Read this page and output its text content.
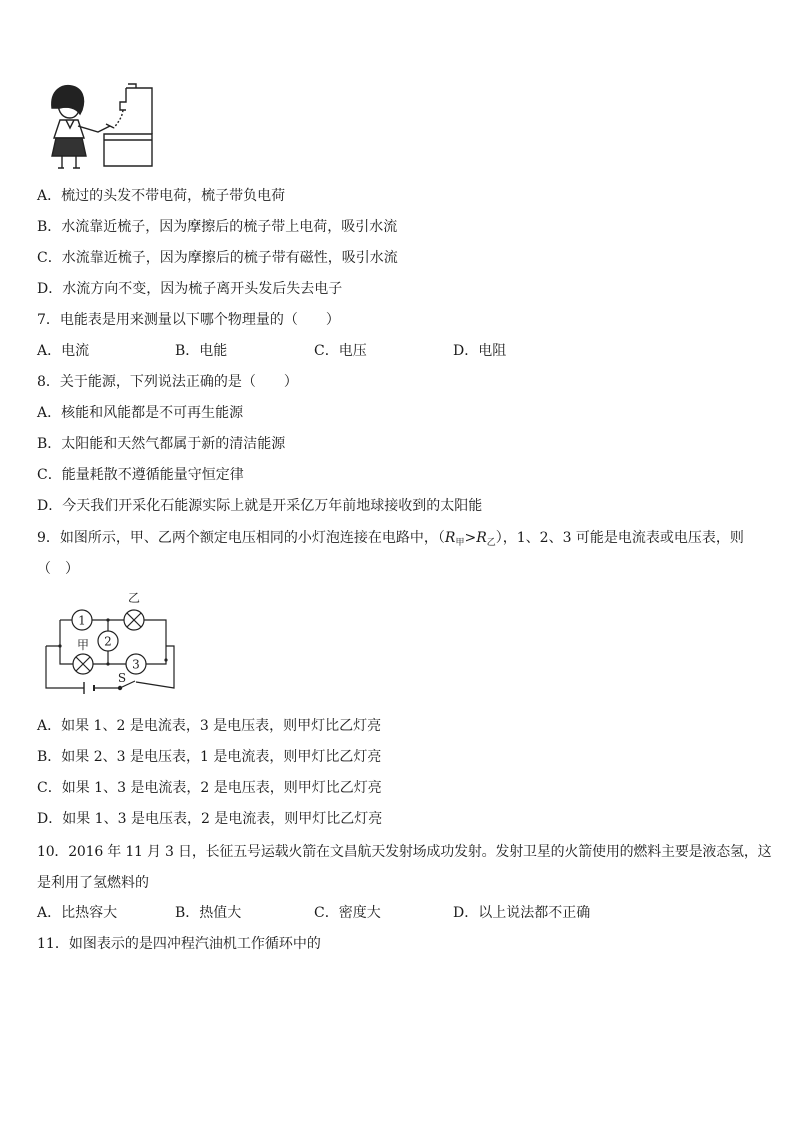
A．梳过的头发不带电荷，梳子带负电荷
B．水流靠近梳子，因为摩擦后的梳子带上电荷，吸引水流
C．水流靠近梳子，因为摩擦后的梳子带有磁性，吸引水流
D．水流方向不变，因为梳子离开头发后失去电子
7．电能表是用来测量以下哪个物理量的（　　）
A．电流	B．电能	C．电压	D．电阻
8．关于能源，下列说法正确的是（　　）
A．核能和风能都是不可再生能源
B．太阳能和天然气都属于新的清洁能源
C．能量耗散不遵循能量守恒定律
D．今天我们开采化石能源实际上就是开采亿万年前地球接收到的太阳能
9．如图所示，甲、乙两个额定电压相同的小灯泡连接在电路中，$(R_甲>R_乙)$，1、2、3 可能是电流表或电压表，则
（　）
1
乙
2
甲
3
S
A．如果 1、2 是电流表，3 是电压表，则甲灯比乙灯亮
B．如果 2、3 是电压表，1 是电流表，则甲灯比乙灯亮
C．如果 1、3 是电流表，2 是电压表，则甲灯比乙灯亮
D．如果 1、3 是电压表，2 是电流表，则甲灯比乙灯亮
10．2016 年 11 月 3 日，长征五号运载火箭在文昌航天发射场成功发射。发射卫星的火箭使用的燃料主要是液态氢，这
是利用了氢燃料的
A．比热容大	B．热值大	C．密度大	D．以上说法都不正确
11．如图表示的是四冲程汽油机工作循环中的
